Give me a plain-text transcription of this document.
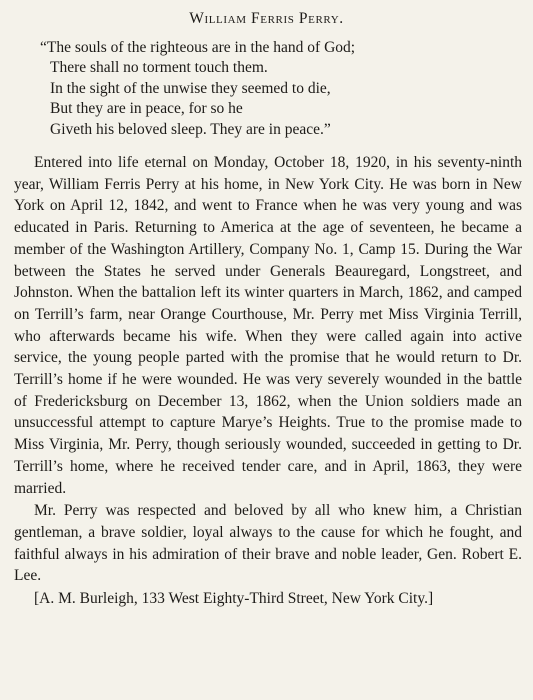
William Ferris Perry.
“The souls of the righteous are in the hand of God;
There shall no torment touch them.
In the sight of the unwise they seemed to die,
But they are in peace, for so he
Giveth his beloved sleep. They are in peace.”

Entered into life eternal on Monday, October 18, 1920, in his seventy-ninth year, William Ferris Perry at his home, in New York City. He was born in New York on April 12, 1842, and went to France when he was very young and was educated in Paris. Returning to America at the age of seventeen, he became a member of the Washington Artillery, Company No. 1, Camp 15. During the War between the States he served under Generals Beauregard, Longstreet, and Johnston. When the battalion left its winter quarters in March, 1862, and camped on Terrill’s farm, near Orange Courthouse, Mr. Perry met Miss Virginia Terrill, who afterwards became his wife. When they were called again into active service, the young people parted with the promise that he would return to Dr. Terrill’s home if he were wounded. He was very severely wounded in the battle of Fredericksburg on December 13, 1862, when the Union soldiers made an unsuccessful attempt to capture Marye’s Heights. True to the promise made to Miss Virginia, Mr. Perry, though seriously wounded, succeeded in getting to Dr. Terrill’s home, where he received tender care, and in April, 1863, they were married.

Mr. Perry was respected and beloved by all who knew him, a Christian gentleman, a brave soldier, loyal always to the cause for which he fought, and faithful always in his admiration of their brave and noble leader, Gen. Robert E. Lee.

[A. M. Burleigh, 133 West Eighty-Third Street, New York City.]
